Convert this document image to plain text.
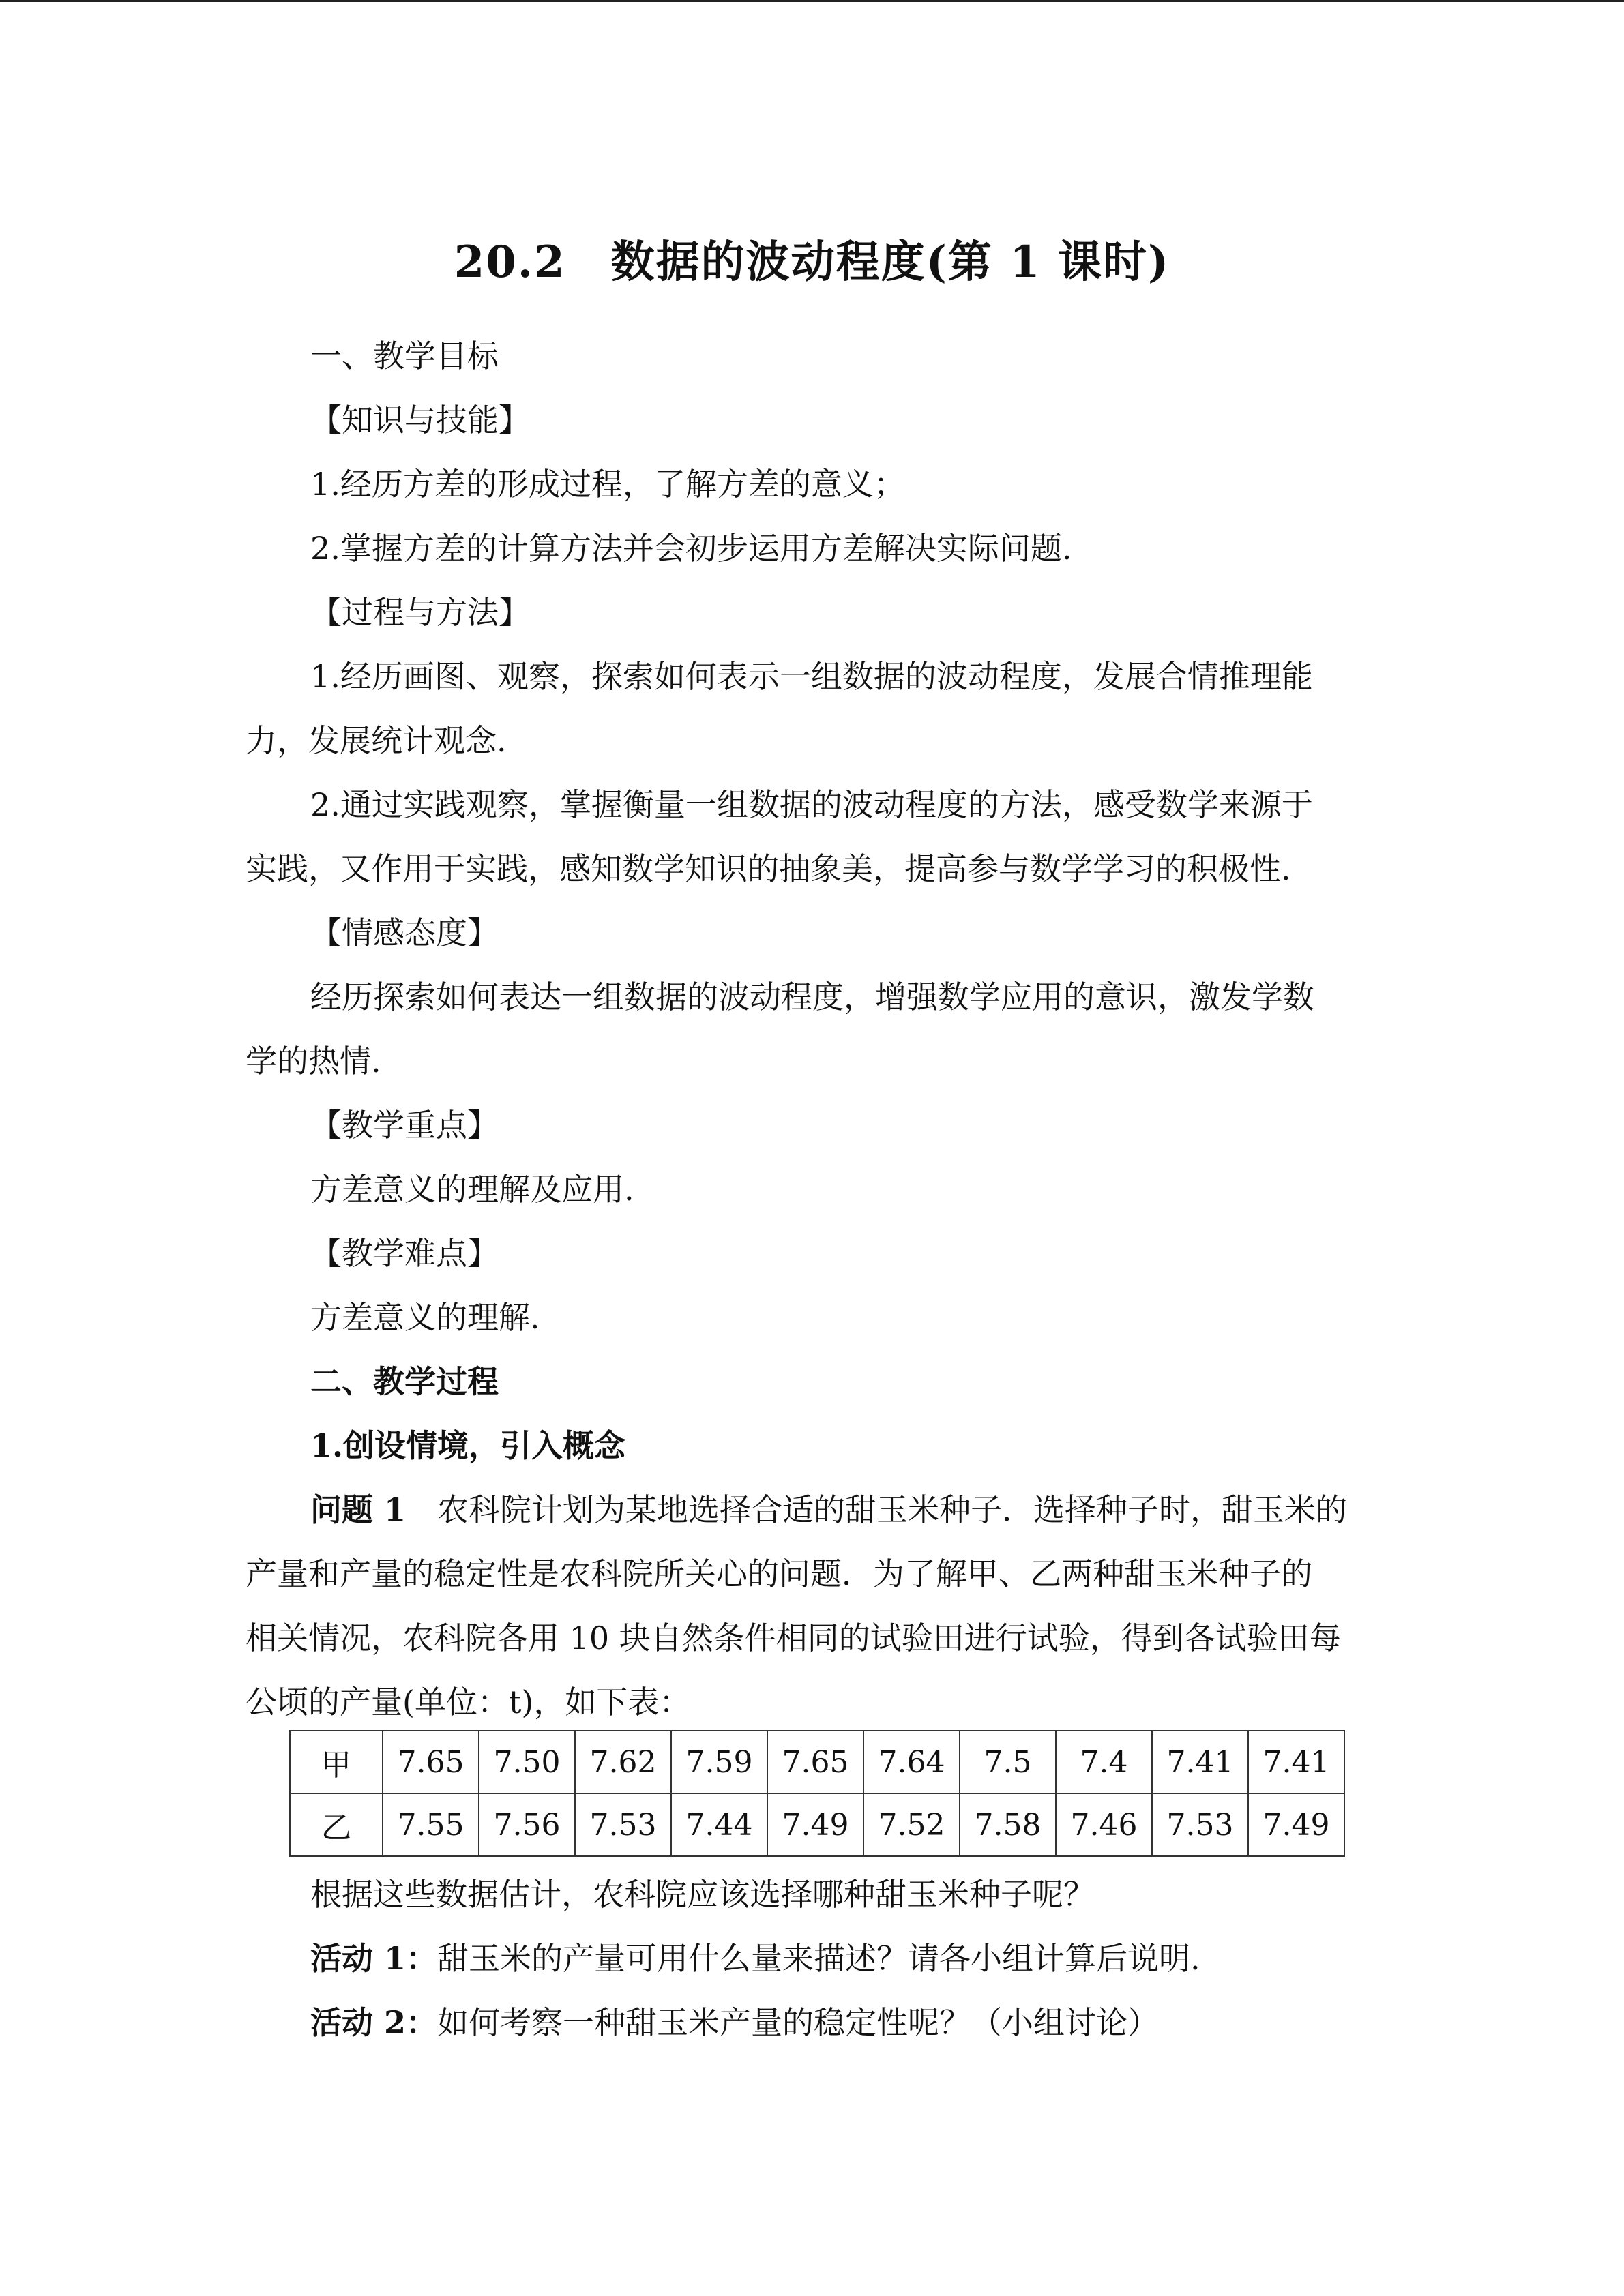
20.2　数据的波动程度(第 1 课时)
一、教学目标
【知识与技能】
1.经历方差的形成过程，了解方差的意义；
2.掌握方差的计算方法并会初步运用方差解决实际问题.
【过程与方法】
1.经历画图、观察，探索如何表示一组数据的波动程度，发展合情推理能
力，发展统计观念.
2.通过实践观察，掌握衡量一组数据的波动程度的方法，感受数学来源于
实践，又作用于实践，感知数学知识的抽象美，提高参与数学学习的积极性.
【情感态度】
经历探索如何表达一组数据的波动程度，增强数学应用的意识，激发学数
学的热情.
【教学重点】
方差意义的理解及应用.
【教学难点】
方差意义的理解.
二、教学过程
1.创设情境，引入概念
问题 1　农科院计划为某地选择合适的甜玉米种子．选择种子时，甜玉米的
产量和产量的稳定性是农科院所关心的问题．为了解甲、乙两种甜玉米种子的
相关情况，农科院各用 10 块自然条件相同的试验田进行试验，得到各试验田每
公顷的产量(单位：t)，如下表：
甲	7.65	7.50	7.62	7.59	7.65	7.64	7.5	7.4	7.41	7.41
乙	7.55	7.56	7.53	7.44	7.49	7.52	7.58	7.46	7.53	7.49
根据这些数据估计，农科院应该选择哪种甜玉米种子呢？
活动 1：甜玉米的产量可用什么量来描述？请各小组计算后说明.
活动 2：如何考察一种甜玉米产量的稳定性呢？（小组讨论）
